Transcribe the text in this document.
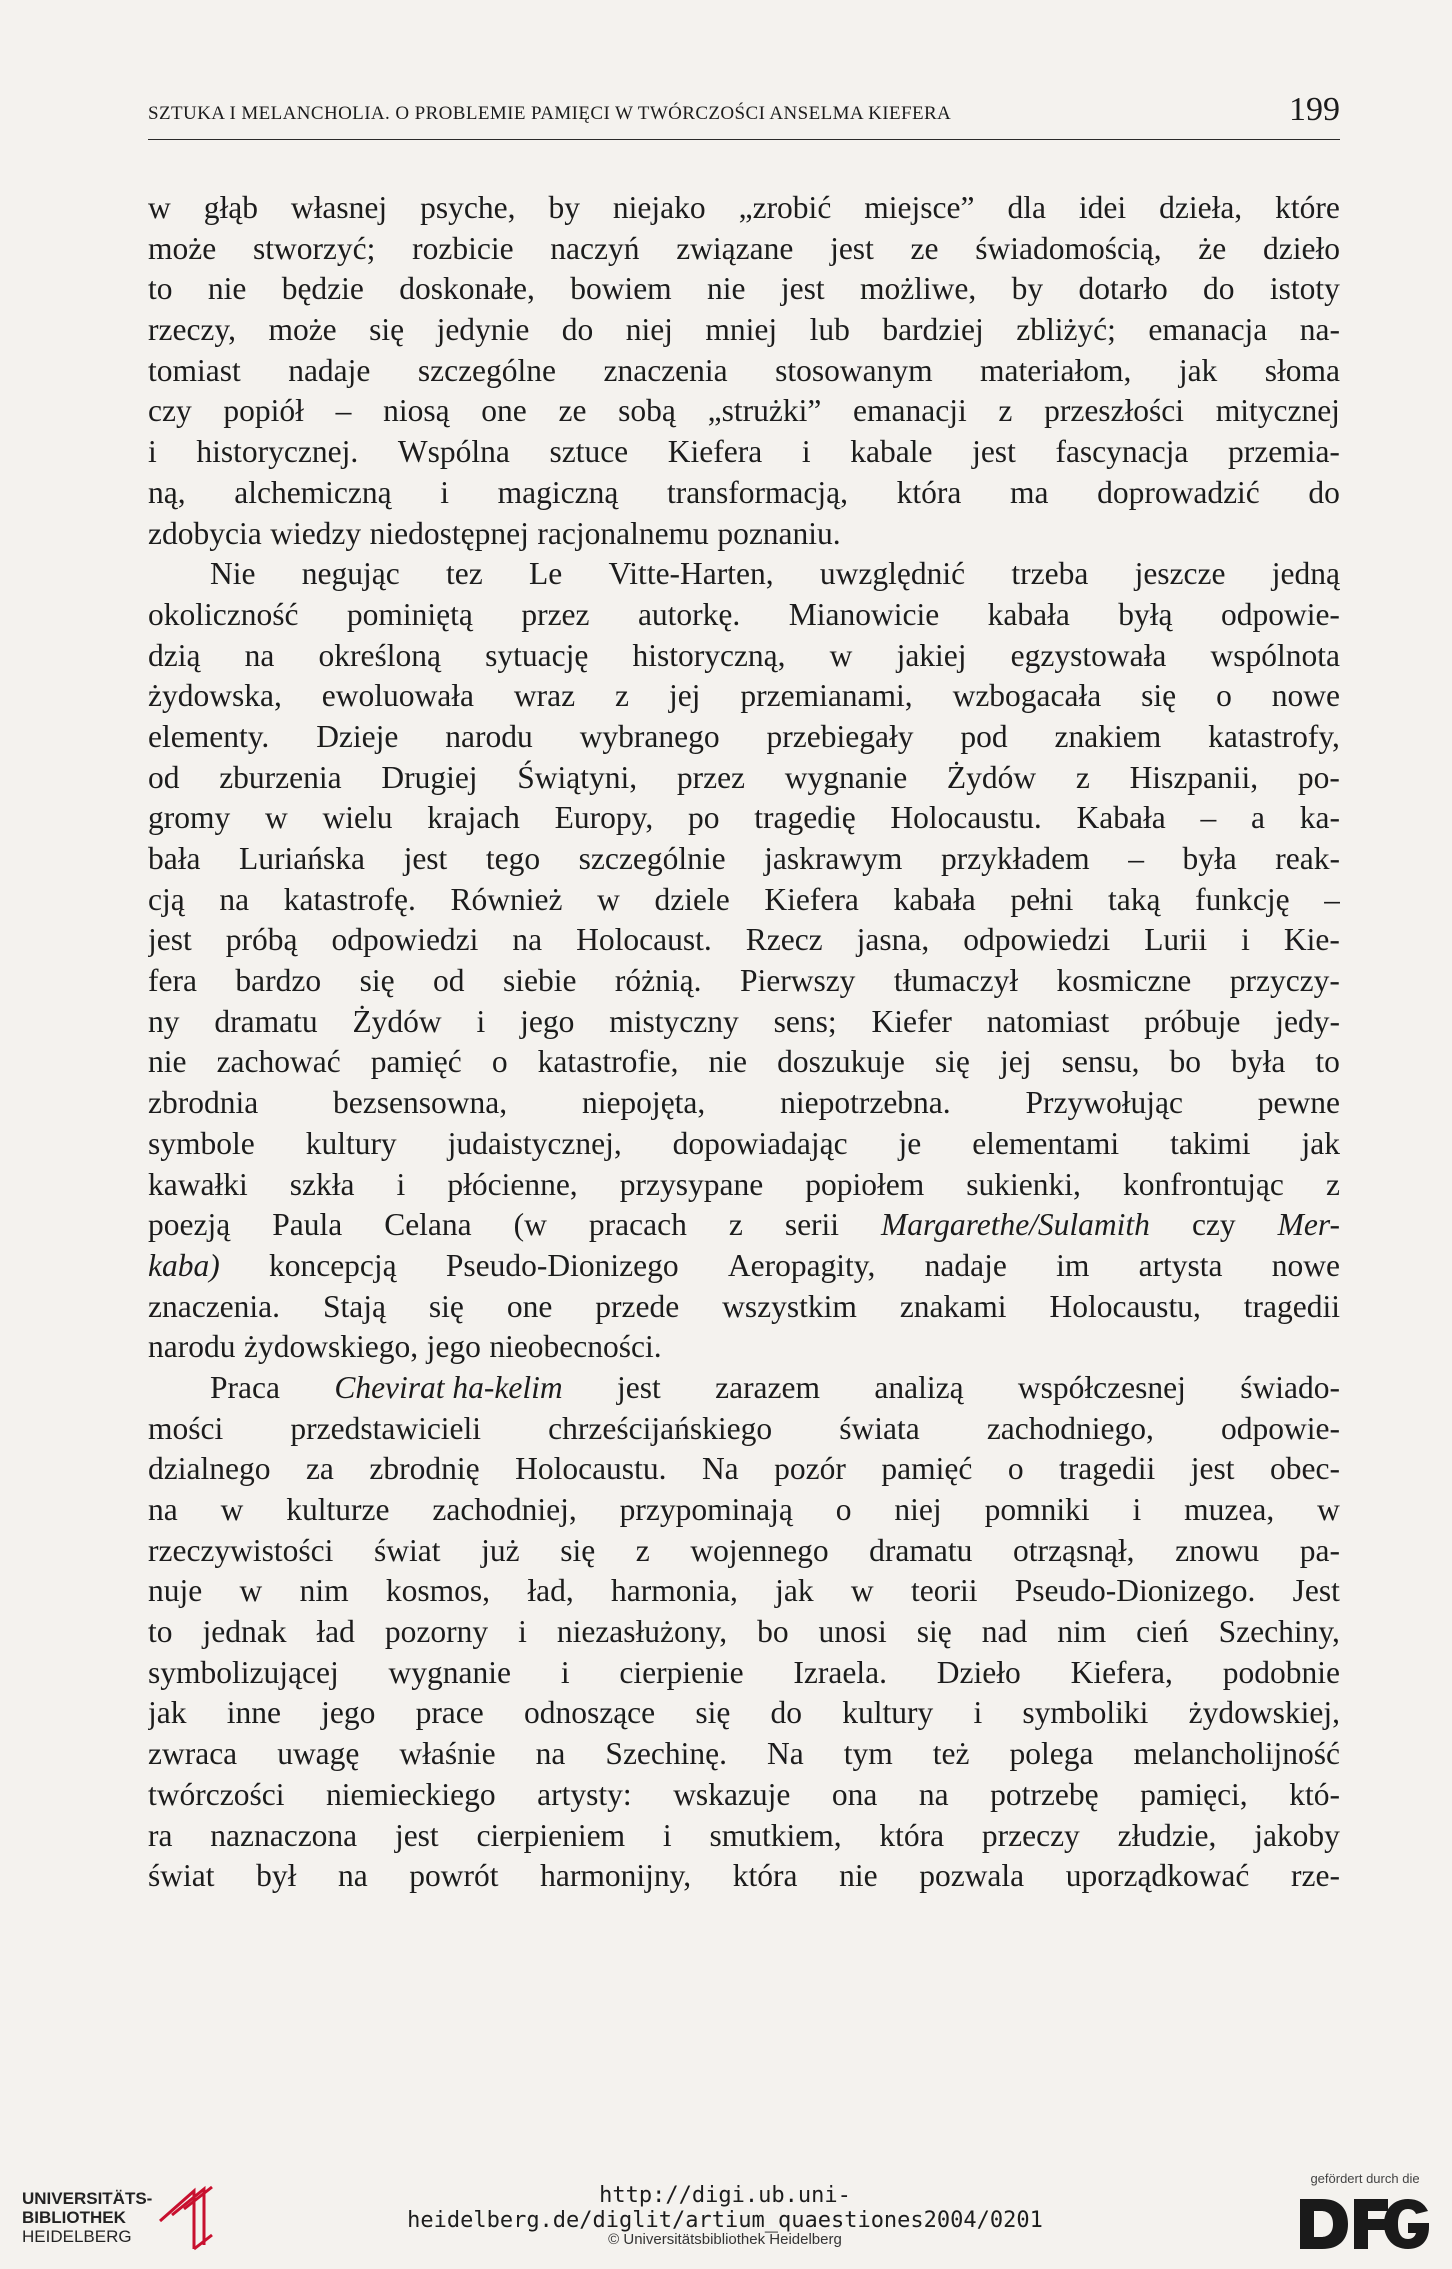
SZTUKA I MELANCHOLIA. O PROBLEMIE PAMIĘCI W TWÓRCZOŚCI ANSELMA KIEFERA	199
w głąb własnej psyche, by niejako „zrobić miejsce” dla idei dzieła, które
może stworzyć; rozbicie naczyń związane jest ze świadomością, że dzieło
to nie będzie doskonałe, bowiem nie jest możliwe, by dotarło do istoty
rzeczy, może się jedynie do niej mniej lub bardziej zbliżyć; emanacja na-
tomiast nadaje szczególne znaczenia stosowanym materiałom, jak słoma
czy popiół – niosą one ze sobą „strużki” emanacji z przeszłości mitycznej
i historycznej. Wspólna sztuce Kiefera i kabale jest fascynacja przemia-
ną, alchemiczną i magiczną transformacją, która ma doprowadzić do
zdobycia wiedzy niedostępnej racjonalnemu poznaniu.
Nie negując tez Le Vitte-Harten, uwzględnić trzeba jeszcze jedną
okoliczność pominiętą przez autorkę. Mianowicie kabała byłą odpowie-
dzią na określoną sytuację historyczną, w jakiej egzystowała wspólnota
żydowska, ewoluowała wraz z jej przemianami, wzbogacała się o nowe
elementy. Dzieje narodu wybranego przebiegały pod znakiem katastrofy,
od zburzenia Drugiej Świątyni, przez wygnanie Żydów z Hiszpanii, po-
gromy w wielu krajach Europy, po tragedię Holocaustu. Kabała – a ka-
bała Luriańska jest tego szczególnie jaskrawym przykładem – była reak-
cją na katastrofę. Również w dziele Kiefera kabała pełni taką funkcję –
jest próbą odpowiedzi na Holocaust. Rzecz jasna, odpowiedzi Lurii i Kie-
fera bardzo się od siebie różnią. Pierwszy tłumaczył kosmiczne przyczy-
ny dramatu Żydów i jego mistyczny sens; Kiefer natomiast próbuje jedy-
nie zachować pamięć o katastrofie, nie doszukuje się jej sensu, bo była to
zbrodnia bezsensowna, niepojęta, niepotrzebna. Przywołując pewne
symbole kultury judaistycznej, dopowiadając je elementami takimi jak
kawałki szkła i płócienne, przysypane popiołem sukienki, konfrontując z
poezją Paula Celana (w pracach z serii Margarethe/Sulamith czy Mer-
kaba) koncepcją Pseudo-Dionizego Aeropagity, nadaje im artysta nowe
znaczenia. Stają się one przede wszystkim znakami Holocaustu, tragedii
narodu żydowskiego, jego nieobecności.
Praca Chevirat ha-kelim jest zarazem analizą współczesnej świado-
mości przedstawicieli chrześcijańskiego świata zachodniego, odpowie-
dzialnego za zbrodnię Holocaustu. Na pozór pamięć o tragedii jest obec-
na w kulturze zachodniej, przypominają o niej pomniki i muzea, w
rzeczywistości świat już się z wojennego dramatu otrząsnął, znowu pa-
nuje w nim kosmos, ład, harmonia, jak w teorii Pseudo-Dionizego. Jest
to jednak ład pozorny i niezasłużony, bo unosi się nad nim cień Szechiny,
symbolizującej wygnanie i cierpienie Izraela. Dzieło Kiefera, podobnie
jak inne jego prace odnoszące się do kultury i symboliki żydowskiej,
zwraca uwagę właśnie na Szechinę. Na tym też polega melancholijność
twórczości niemieckiego artysty: wskazuje ona na potrzebę pamięci, któ-
ra naznaczona jest cierpieniem i smutkiem, która przeczy złudzie, jakoby
świat był na powrót harmonijny, która nie pozwala uporządkować rze-
UNIVERSITÄTS-
BIBLIOTHEK
HEIDELBERG
http://digi.ub.uni-heidelberg.de/diglit/artium_quaestiones2004/0201
© Universitätsbibliothek Heidelberg
gefördert durch die
